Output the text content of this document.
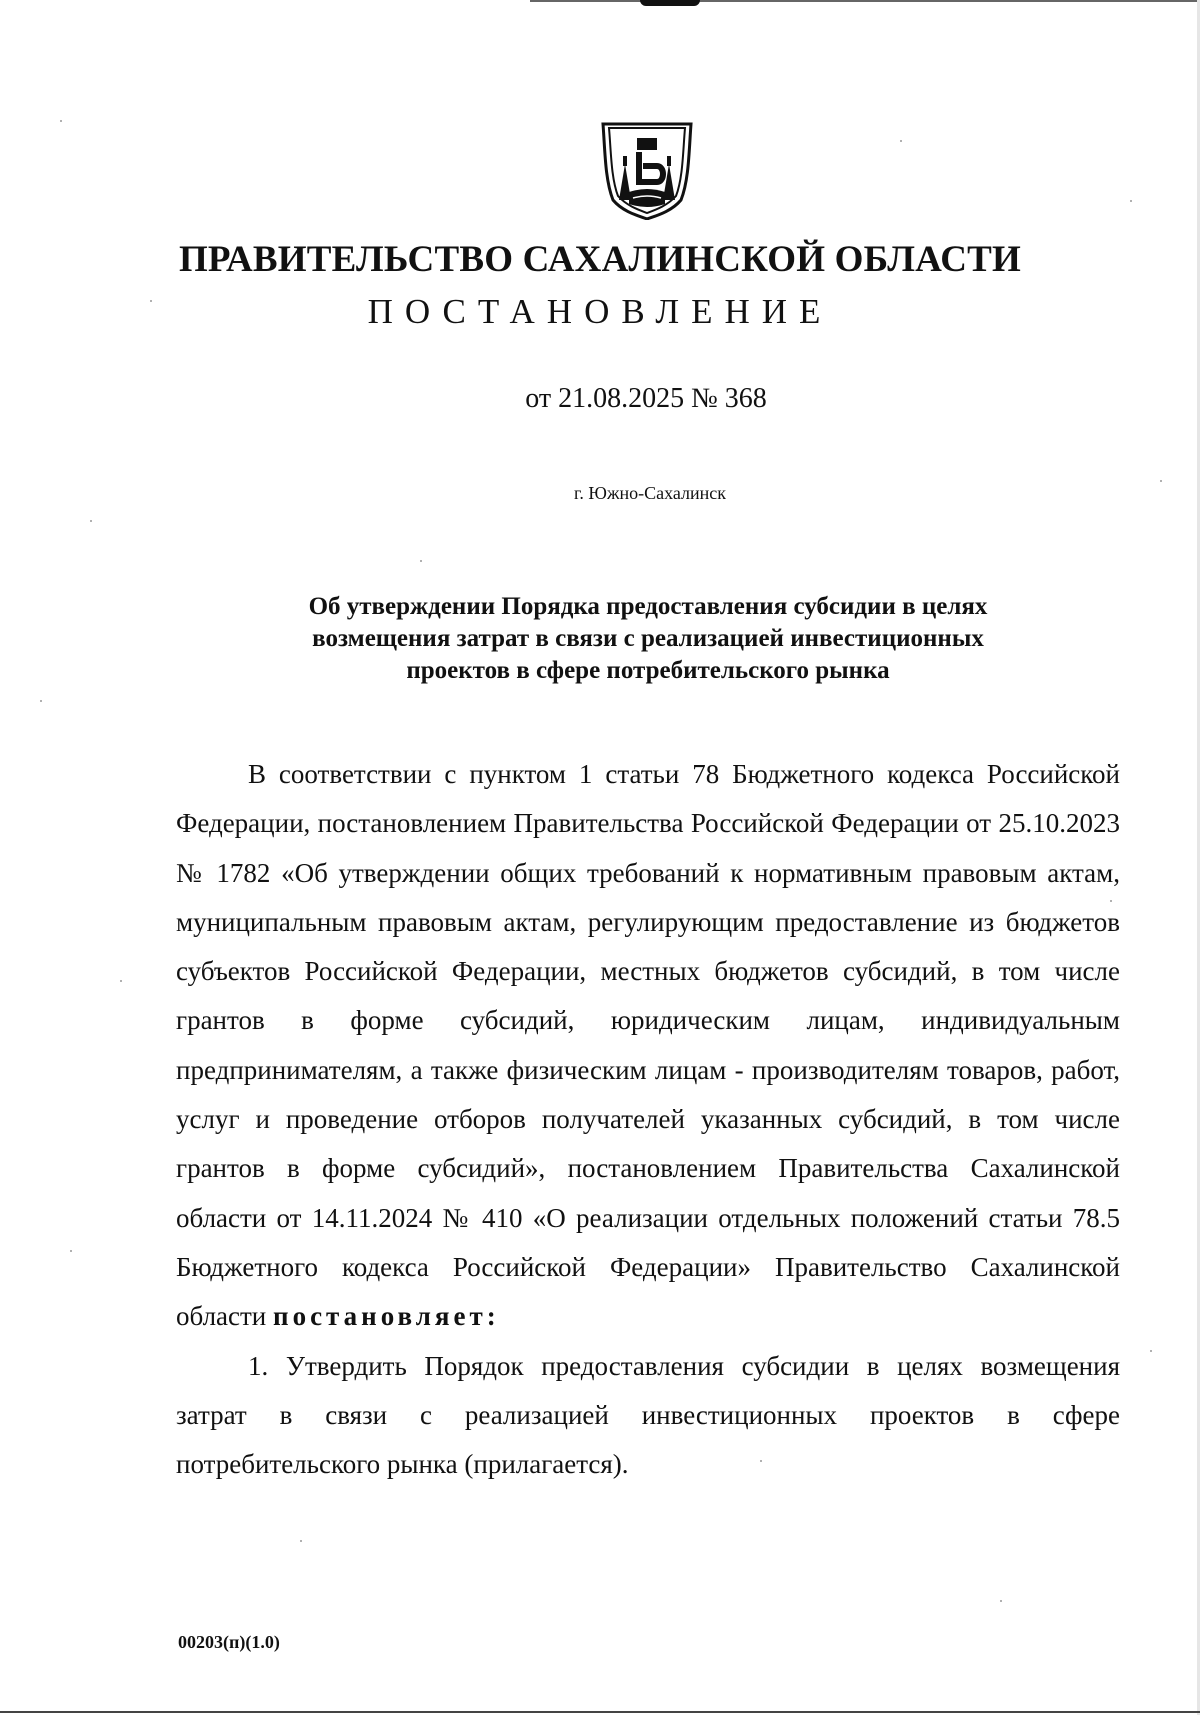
ПРАВИТЕЛЬСТВО САХАЛИНСКОЙ ОБЛАСТИ
ПОСТАНОВЛЕНИЕ
от 21.08.2025 № 368
г. Южно-Сахалинск
Об утверждении Порядка предоставления субсидии в целях
возмещения затрат в связи с реализацией инвестиционных
проектов в сфере потребительского рынка

В соответствии с пунктом 1 статьи 78 Бюджетного кодекса Российской Федерации, постановлением Правительства Российской Федерации от 25.10.2023 № 1782 «Об утверждении общих требований к нормативным правовым актам, муниципальным правовым актам, регулирующим предоставление из бюджетов субъектов Российской Федерации, местных бюджетов субсидий, в том числе грантов в форме субсидий, юридическим лицам, индивидуальным предпринимателям, а также физическим лицам - производителям товаров, работ, услуг и проведение отборов получателей указанных субсидий, в том числе грантов в форме субсидий», постановлением Правительства Сахалинской области от 14.11.2024 № 410 «О реализации отдельных положений статьи 78.5 Бюджетного кодекса Российской Федерации» Правительство Сахалинской области постановляет:

1. Утвердить Порядок предоставления субсидии в целях возмещения затрат в связи с реализацией инвестиционных проектов в сфере потребительского рынка (прилагается).

00203(п)(1.0)
